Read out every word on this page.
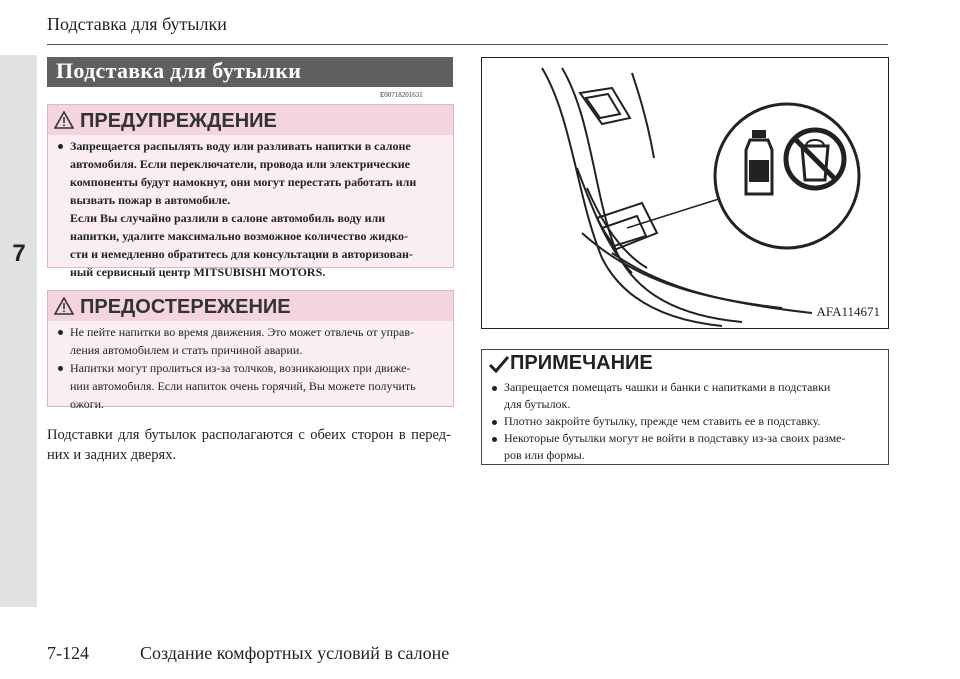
7
Подставка для бутылки
Подставка для бутылки
E00718201631
ПРЕДУПРЕЖДЕНИЕ
Запрещается распылять воду или разливать напитки в салоне
автомобиля. Если переключатели, провода или электрические
компоненты будут намокнут, они могут перестать работать или
вызвать пожар в автомобиле.
Если Вы случайно разлили в салоне автомобиль воду или
напитки, удалите максимально возможное количество жидко-
сти и немедленно обратитесь для консультации в авторизован-
ный сервисный центр MITSUBISHI MOTORS.
ПРЕДОСТЕРЕЖЕНИЕ
Не пейте напитки во время движения. Это может отвлечь от управ-
ления автомобилем и стать причиной аварии.
Напитки могут пролиться из-за толчков, возникающих при движе-
нии автомобиля. Если напиток очень горячий, Вы можете получить
ожоги.
Подставки для бутылок располагаются с обеих сторон в перед- них и задних дверях.
AFA114671
ПРИМЕЧАНИЕ
Запрещается помещать чашки и банки с напитками в подставки
для бутылок.
Плотно закройте бутылку, прежде чем ставить ее в подставку.
Некоторые бутылки могут не войти в подставку из-за своих разме-
ров или формы.
7-124	Создание комфортных условий в салоне
